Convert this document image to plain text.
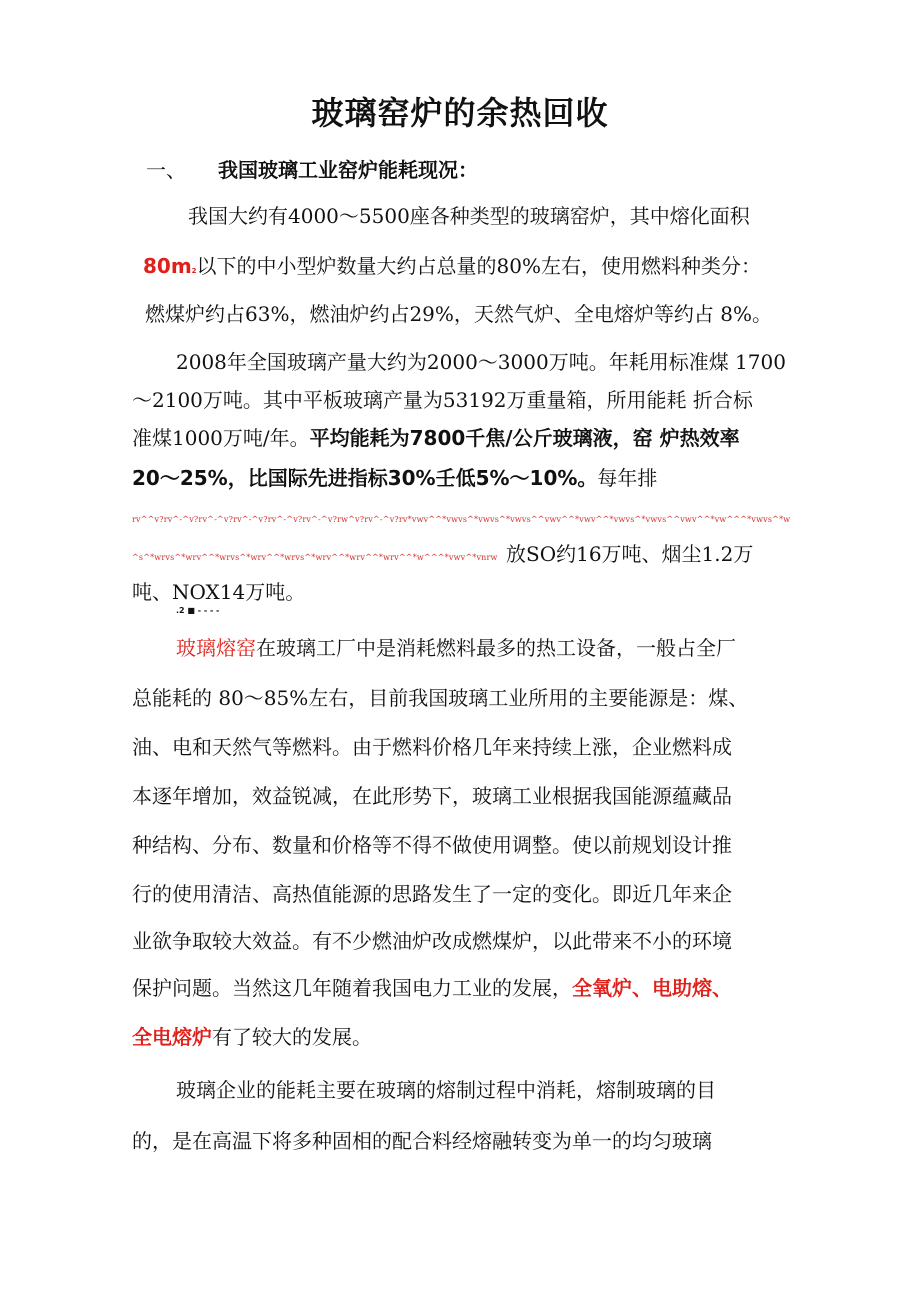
玻璃窑炉的余热回收
一、 我国玻璃工业窑炉能耗现况：
我国大约有4000～5500座各种类型的玻璃窑炉，其中熔化面积
80m2以下的中小型炉数量大约占总量的80%左右，使用燃料种类分：
燃煤炉约占63%，燃油炉约占29%，天然气炉、全电熔炉等约占 8%。
2008年全国玻璃产量大约为2000～3000万吨。年耗用标准煤 1700
～2100万吨。其中平板玻璃产量为53192万重量箱，所用能耗 折合标
准煤1000万吨/年。平均能耗为7800千焦/公斤玻璃液，窑 炉热效率
20～25%，比国际先进指标30%壬低5%～10%。每年排
rv^^v?rv^-^v?rv^-^v?rv^-^v?rv^-^v?rv^-^v?rw^v?rv^-^v?rv*vwv^^*vwvs^*vwvs^*vwvs^^vwv^^*vwv^^*vwvs^*vwvs^^vwv^^*vw^^^*vwvs^*w
^s^*wrvs^*wrv^^*wrvs^*wrv^^*wrvs^*wrv^^*wrv^^*wrv^^*w^^^*vwv^*vnrw 放SO约16万吨、烟尘1.2万
吨、NOX14万吨。
.2 ■ - - - -
玻璃熔窑在玻璃工厂中是消耗燃料最多的热工设备，一般占全厂
总能耗的 80～85%左右，目前我国玻璃工业所用的主要能源是：煤、
油、电和天然气等燃料。由于燃料价格几年来持续上涨，企业燃料成
本逐年增加，效益锐减，在此形势下，玻璃工业根据我国能源蕴藏品
种结构、分布、数量和价格等不得不做使用调整。使以前规划设计推
行的使用清洁、高热值能源的思路发生了一定的变化。即近几年来企
业欲争取较大效益。有不少燃油炉改成燃煤炉，以此带来不小的环境
保护问题。当然这几年随着我国电力工业的发展，全氧炉、电助熔、
全电熔炉有了较大的发展。
玻璃企业的能耗主要在玻璃的熔制过程中消耗，熔制玻璃的目
的，是在高温下将多种固相的配合料经熔融转变为单一的均匀玻璃
